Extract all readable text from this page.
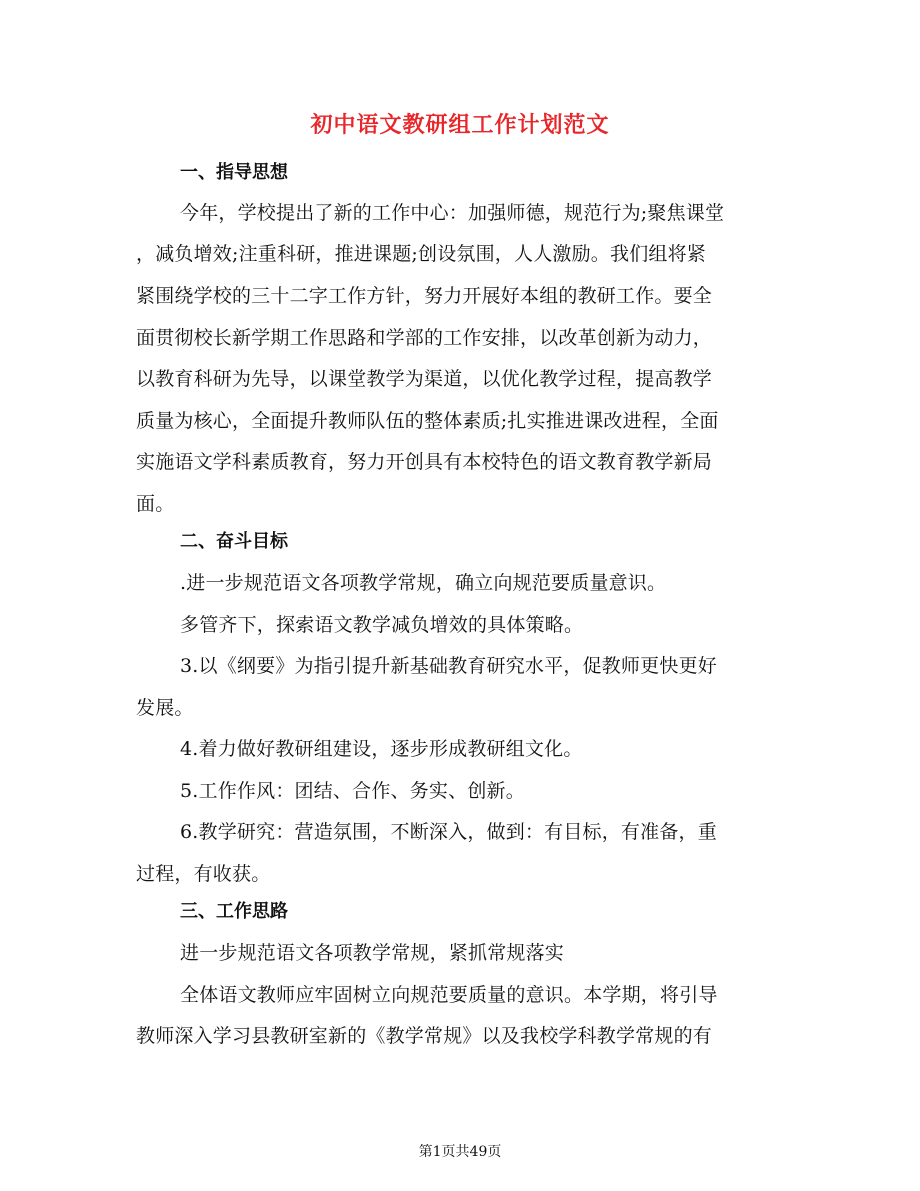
初中语文教研组工作计划范文
一、指导思想
今年，学校提出了新的工作中心：加强师德，规范行为;聚焦课堂
，减负增效;注重科研，推进课题;创设氛围，人人激励。我们组将紧
紧围绕学校的三十二字工作方针，努力开展好本组的教研工作。要全
面贯彻校长新学期工作思路和学部的工作安排，以改革创新为动力，
以教育科研为先导，以课堂教学为渠道，以优化教学过程，提高教学
质量为核心，全面提升教师队伍的整体素质;扎实推进课改进程，全面
实施语文学科素质教育，努力开创具有本校特色的语文教育教学新局
面。
二、奋斗目标
.进一步规范语文各项教学常规，确立向规范要质量意识。
多管齐下，探索语文教学减负增效的具体策略。
3.以《纲要》为指引提升新基础教育研究水平，促教师更快更好
发展。
4.着力做好教研组建设，逐步形成教研组文化。
5.工作作风：团结、合作、务实、创新。
6.教学研究：营造氛围，不断深入，做到：有目标，有准备，重
过程，有收获。
三、工作思路
进一步规范语文各项教学常规，紧抓常规落实
全体语文教师应牢固树立向规范要质量的意识。本学期，将引导
教师深入学习县教研室新的《教学常规》以及我校学科教学常规的有
第1页共49页
